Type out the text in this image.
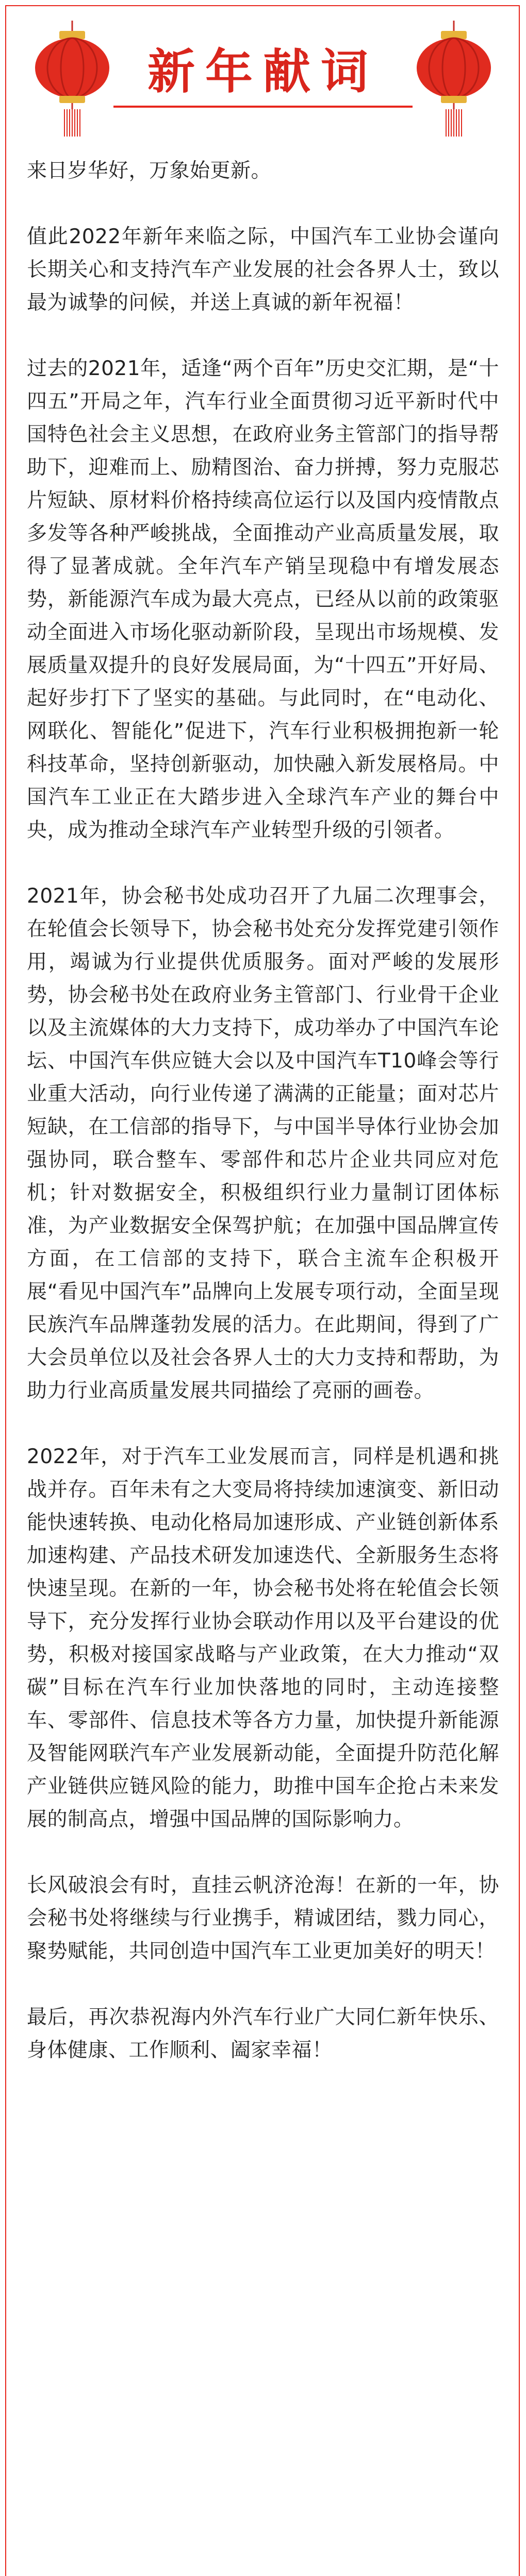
新年献词

来日岁华好，万象始更新。

值此2022年新年来临之际，中国汽车工业协会谨向长期关心和支持汽车产业发展的社会各界人士，致以最为诚挚的问候，并送上真诚的新年祝福！

过去的2021年，适逢“两个百年”历史交汇期，是“十四五”开局之年，汽车行业全面贯彻习近平新时代中国特色社会主义思想，在政府业务主管部门的指导帮助下，迎难而上、励精图治、奋力拼搏，努力克服芯片短缺、原材料价格持续高位运行以及国内疫情散点多发等各种严峻挑战，全面推动产业高质量发展，取得了显著成就。全年汽车产销呈现稳中有增发展态势，新能源汽车成为最大亮点，已经从以前的政策驱动全面进入市场化驱动新阶段，呈现出市场规模、发展质量双提升的良好发展局面，为“十四五”开好局、起好步打下了坚实的基础。与此同时，在“电动化、网联化、智能化”促进下，汽车行业积极拥抱新一轮科技革命，坚持创新驱动，加快融入新发展格局。中国汽车工业正在大踏步进入全球汽车产业的舞台中央，成为推动全球汽车产业转型升级的引领者。

2021年，协会秘书处成功召开了九届二次理事会，在轮值会长领导下，协会秘书处充分发挥党建引领作用，竭诚为行业提供优质服务。面对严峻的发展形势，协会秘书处在政府业务主管部门、行业骨干企业以及主流媒体的大力支持下，成功举办了中国汽车论坛、中国汽车供应链大会以及中国汽车T10峰会等行业重大活动，向行业传递了满满的正能量；面对芯片短缺，在工信部的指导下，与中国半导体行业协会加强协同，联合整车、零部件和芯片企业共同应对危机；针对数据安全，积极组织行业力量制订团体标准，为产业数据安全保驾护航；在加强中国品牌宣传方面，在工信部的支持下，联合主流车企积极开展“看见中国汽车”品牌向上发展专项行动，全面呈现民族汽车品牌蓬勃发展的活力。在此期间，得到了广大会员单位以及社会各界人士的大力支持和帮助，为助力行业高质量发展共同描绘了亮丽的画卷。

2022年，对于汽车工业发展而言，同样是机遇和挑战并存。百年未有之大变局将持续加速演变、新旧动能快速转换、电动化格局加速形成、产业链创新体系加速构建、产品技术研发加速迭代、全新服务生态将快速呈现。在新的一年，协会秘书处将在轮值会长领导下，充分发挥行业协会联动作用以及平台建设的优势，积极对接国家战略与产业政策，在大力推动“双碳”目标在汽车行业加快落地的同时，主动连接整车、零部件、信息技术等各方力量，加快提升新能源及智能网联汽车产业发展新动能，全面提升防范化解产业链供应链风险的能力，助推中国车企抢占未来发展的制高点，增强中国品牌的国际影响力。

长风破浪会有时，直挂云帆济沧海！在新的一年，协会秘书处将继续与行业携手，精诚团结，戮力同心，聚势赋能，共同创造中国汽车工业更加美好的明天！

最后，再次恭祝海内外汽车行业广大同仁新年快乐、身体健康、工作顺利、阖家幸福！
